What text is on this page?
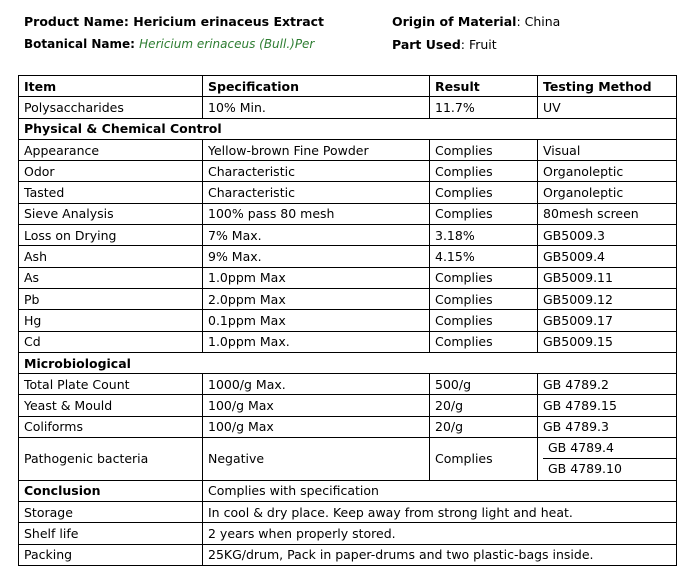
Product Name: Hericium erinaceus Extract
Botanical Name: Hericium erinaceus (Bull.)Per
Origin of Material: China
Part Used: Fruit
Item	Specification	Result	Testing Method
Polysaccharides	10% Min.	11.7%	UV
Physical & Chemical Control			
Appearance	Yellow-brown Fine Powder	Complies	Visual
Odor	Characteristic	Complies	Organoleptic
Tasted	Characteristic	Complies	Organoleptic
Sieve Analysis	100% pass 80 mesh	Complies	80mesh screen
Loss on Drying	7% Max.	3.18%	GB5009.3
Ash	9% Max.	4.15%	GB5009.4
As	1.0ppm Max	Complies	GB5009.11
Pb	2.0ppm Max	Complies	GB5009.12
Hg	0.1ppm Max	Complies	GB5009.17
Cd	1.0ppm Max.	Complies	GB5009.15
Microbiological			
Total Plate Count	1000/g Max.	500/g	GB 4789.2
Yeast & Mould	100/g Max	20/g	GB 4789.15
Coliforms	100/g Max	20/g	GB 4789.3
Pathogenic bacteria	Negative	Complies	GB 4789.4
GB 4789.10

Conclusion	Complies with specification		
Storage	In cool & dry place. Keep away from strong light and heat.		
Shelf life	2 years when properly stored.		
Packing	25KG/drum, Pack in paper-drums and two plastic-bags inside.		
